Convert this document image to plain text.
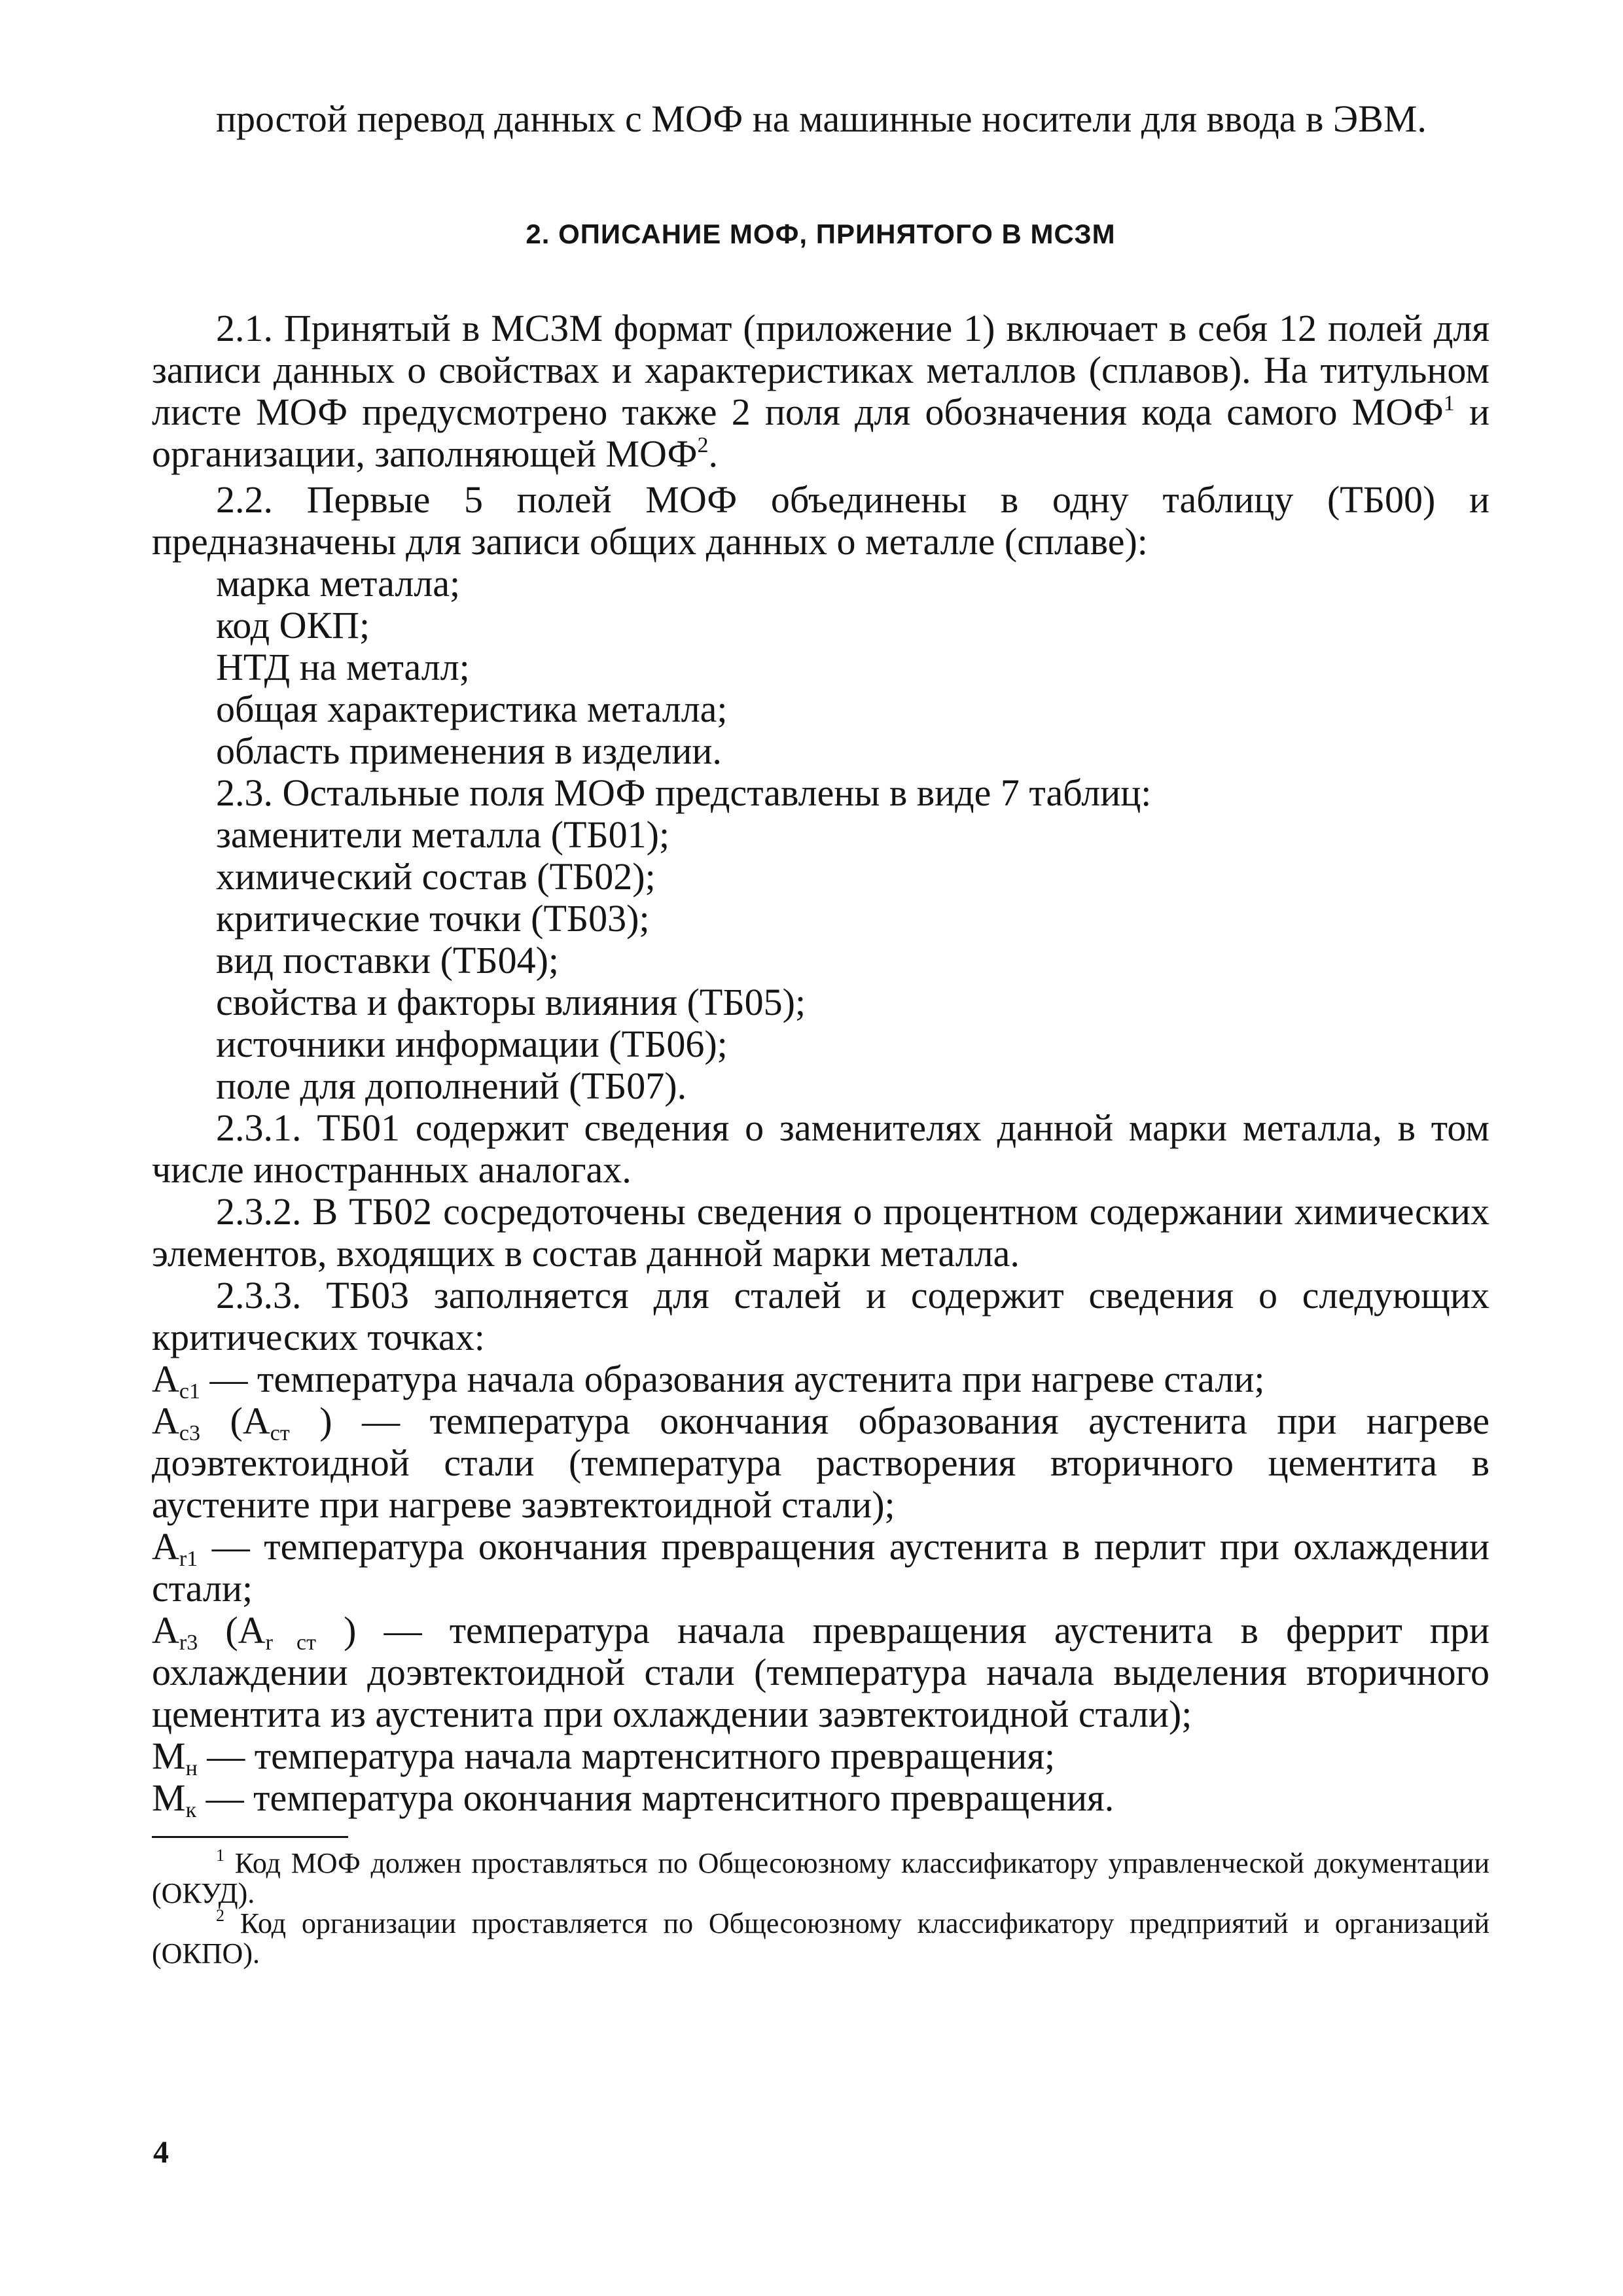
простой перевод данных с МОФ на машинные носители для ввода в ЭВМ.

2. ОПИСАНИЕ МОФ, ПРИНЯТОГО В МСЗМ

2.1. Принятый в МСЗМ формат (приложение 1) включает в себя 12 полей для записи данных о свойствах и характеристиках металлов (сплавов). На титульном листе МОФ предусмотрено также 2 поля для обозначения кода самого МОФ$^1$ и организации, заполняющей МОФ$^2$.

2.2. Первые 5 полей МОФ объединены в одну таблицу (ТБ00) и предназначены для записи общих данных о металле (сплаве):

марка металла;
код ОКП;
НТД на металл;
общая характеристика металла;
область применения в изделии.

2.3. Остальные поля МОФ представлены в виде 7 таблиц:

заменители металла (ТБ01);
химический состав (ТБ02);
критические точки (ТБ03);
вид поставки (ТБ04);
свойства и факторы влияния (ТБ05);
источники информации (ТБ06);
поле для дополнений (ТБ07).

2.3.1. ТБ01 содержит сведения о заменителях данной марки металла, в том числе иностранных аналогах.

2.3.2. В ТБ02 сосредоточены сведения о процентном содержании химических элементов, входящих в состав данной марки металла.

2.3.3. ТБ03 заполняется для сталей и содержит сведения о следующих критических точках:

$A_{c1}$ — температура начала образования аустенита при нагреве стали;

$A_{c3}$ ($A_{ст}$ ) — температура окончания образования аустенита при нагреве доэвтектоидной стали (температура растворения вторичного цементита в аустените при нагреве заэвтектоидной стали);

$A_{r1}$ — температура окончания превращения аустенита в перлит при охлаждении стали;

$A_{r3}$ ($A_{r ст}$ ) — температура начала превращения аустенита в феррит при охлаждении доэвтектоидной стали (температура начала выделения вторичного цементита из аустенита при охлаждении заэвтектоидной стали);

$M_н$ — температура начала мартенситного превращения;

$M_к$ — температура окончания мартенситного превращения.

$^1$ Код МОФ должен проставляться по Общесоюзному классификатору управленческой документации (ОКУД).

$^2$ Код организации проставляется по Общесоюзному классификатору предприятий и организаций (ОКПО).

4
